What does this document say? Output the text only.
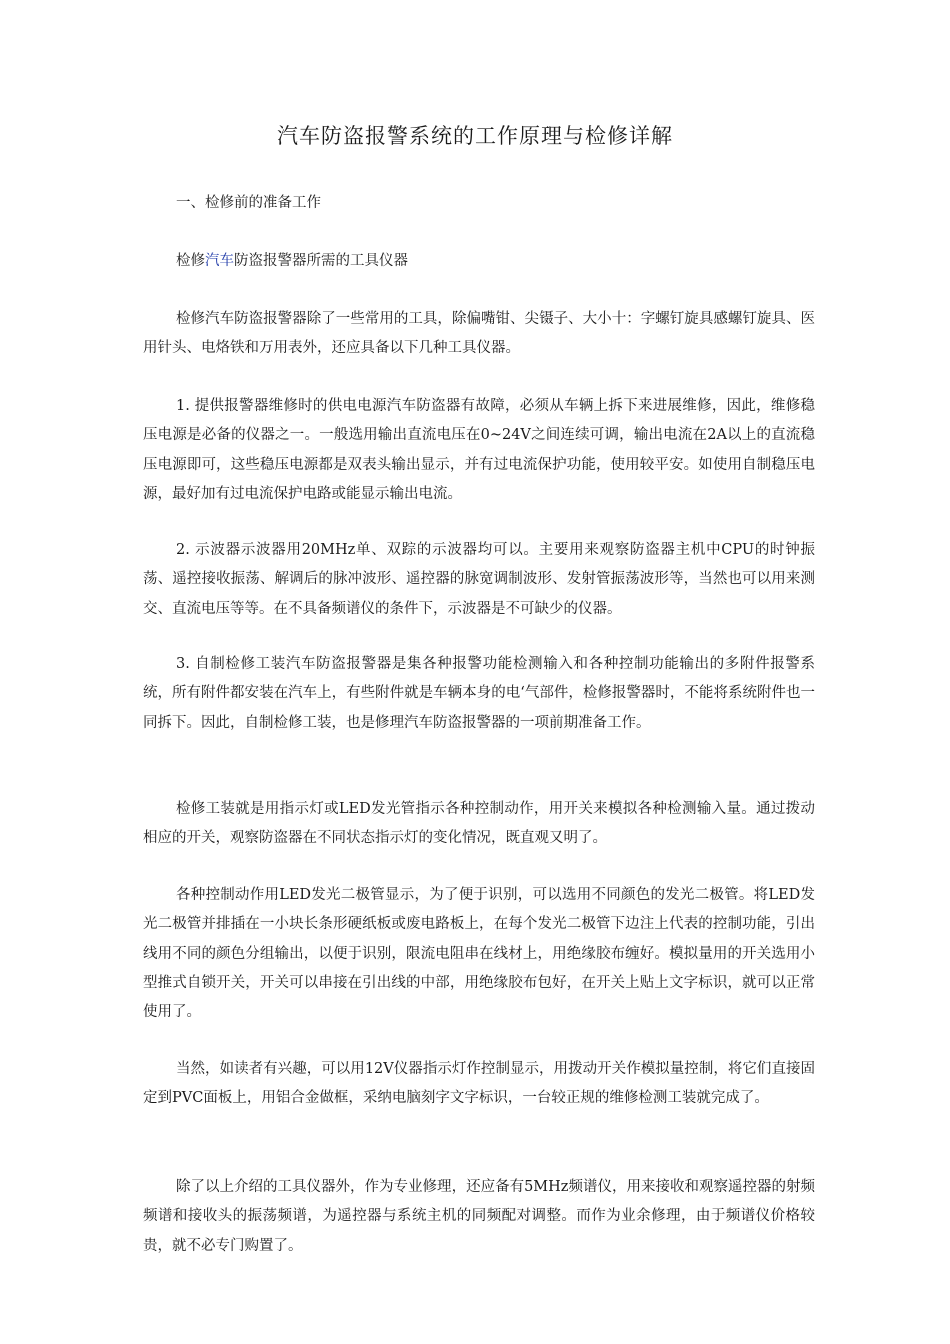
汽车防盗报警系统的工作原理与检修详解

一、检修前的准备工作

检修汽车防盗报警器所需的工具仪器

检修汽车防盗报警器除了一些常用的工具，除偏嘴钳、尖镊子、大小十：字螺钉旋具感螺钉旋具、医用针头、电烙铁和万用表外，还应具备以下几种工具仪器。

1. 提供报警器维修时的供电电源汽车防盗器有故障，必须从车辆上拆下来进展维修，因此，维修稳压电源是必备的仪器之一。一般选用输出直流电压在0~24V之间连续可调，输出电流在2A以上的直流稳压电源即可，这些稳压电源都是双表头输出显示，并有过电流保护功能，使用较平安。如使用自制稳压电源，最好加有过电流保护电路或能显示输出电流。

2. 示波器示波器用20MHz单、双踪的示波器均可以。主要用来观察防盗器主机中CPU的时钟振荡、遥控接收振荡、解调后的脉冲波形、遥控器的脉宽调制波形、发射管振荡波形等，当然也可以用来测交、直流电压等等。在不具备频谱仪的条件下，示波器是不可缺少的仪器。

3. 自制检修工装汽车防盗报警器是集各种报警功能检测输入和各种控制功能输出的多附件报警系统，所有附件都安装在汽车上，有些附件就是车辆本身的电‘气部件，检修报警器时，不能将系统附件也一同拆下。因此，自制检修工装，也是修理汽车防盗报警器的一项前期准备工作。

检修工装就是用指示灯或LED发光管指示各种控制动作，用开关来模拟各种检测输入量。通过拨动相应的开关，观察防盗器在不同状态指示灯的变化情况，既直观又明了。

各种控制动作用LED发光二极管显示，为了便于识别，可以选用不同颜色的发光二极管。将LED发光二极管并排插在一小块长条形硬纸板或废电路板上，在每个发光二极管下边注上代表的控制功能，引出线用不同的颜色分组输出，以便于识别，限流电阻串在线材上，用绝缘胶布缠好。模拟量用的开关选用小型推式自锁开关，开关可以串接在引出线的中部，用绝缘胶布包好，在开关上贴上文字标识，就可以正常使用了。

当然，如读者有兴趣，可以用12V仪器指示灯作控制显示，用拨动开关作模拟量控制，将它们直接固定到PVC面板上，用铝合金做框，采纳电脑刻字文字标识，一台较正规的维修检测工装就完成了。

除了以上介绍的工具仪器外，作为专业修理，还应备有5MHz频谱仪，用来接收和观察遥控器的射频频谱和接收头的振荡频谱，为遥控器与系统主机的同频配对调整。而作为业余修理，由于频谱仪价格较贵，就不必专门购置了。
